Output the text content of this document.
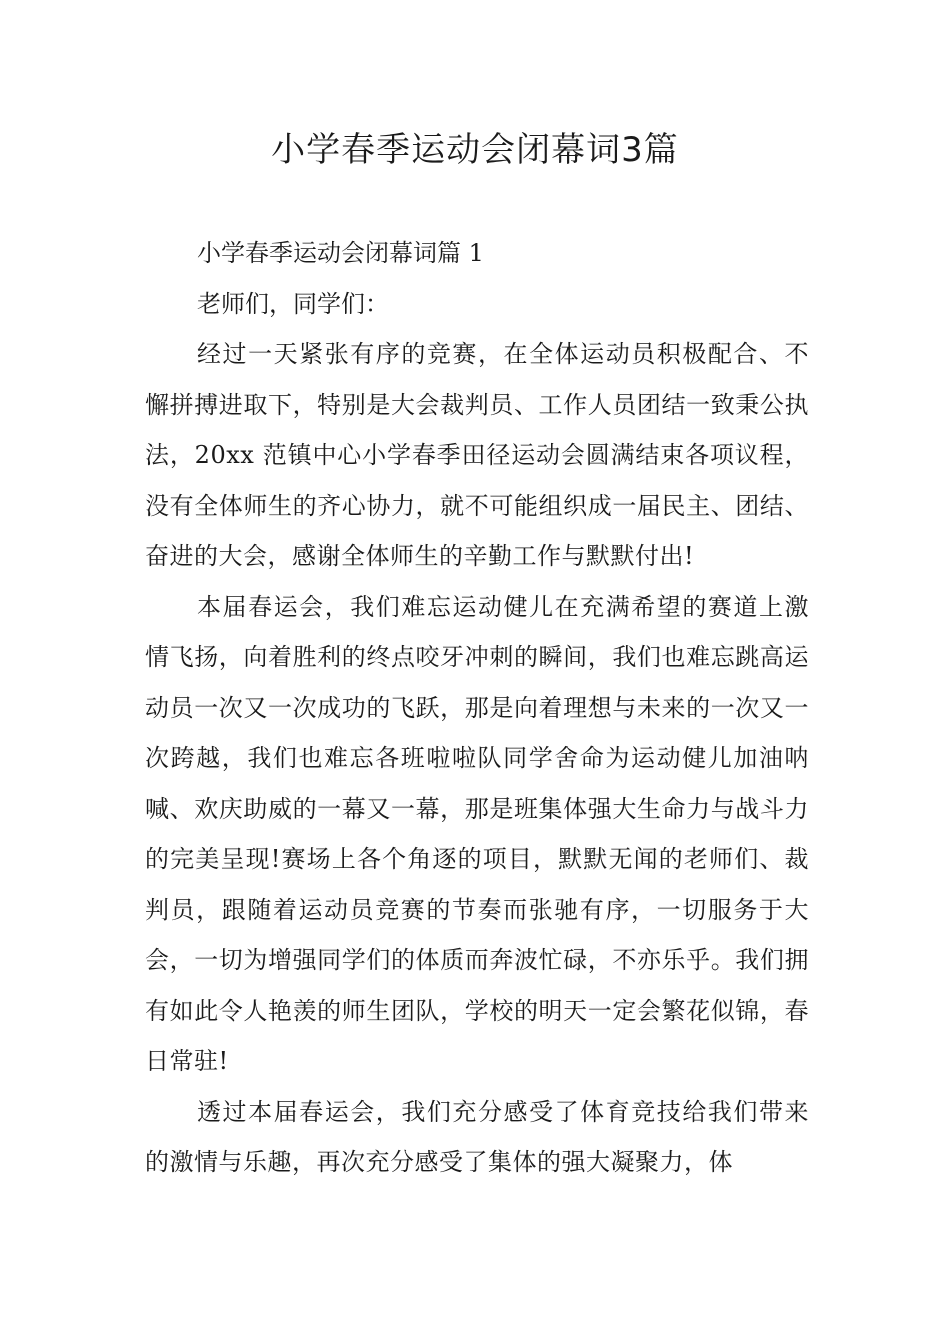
小学春季运动会闭幕词3篇

小学春季运动会闭幕词篇 1

老师们，同学们：

经过一天紧张有序的竞赛，在全体运动员积极配合、不懈拼搏进取下，特别是大会裁判员、工作人员团结一致秉公执法，20xx 范镇中心小学春季田径运动会圆满结束各项议程，没有全体师生的齐心协力，就不可能组织成一届民主、团结、奋进的大会，感谢全体师生的辛勤工作与默默付出!

本届春运会，我们难忘运动健儿在充满希望的赛道上激情飞扬，向着胜利的终点咬牙冲刺的瞬间，我们也难忘跳高运动员一次又一次成功的飞跃，那是向着理想与未来的一次又一次跨越，我们也难忘各班啦啦队同学舍命为运动健儿加油呐喊、欢庆助威的一幕又一幕，那是班集体强大生命力与战斗力的完美呈现!赛场上各个角逐的项目，默默无闻的老师们、裁判员，跟随着运动员竞赛的节奏而张驰有序，一切服务于大会，一切为增强同学们的体质而奔波忙碌，不亦乐乎。我们拥有如此令人艳羡的师生团队，学校的明天一定会繁花似锦，春日常驻!

透过本届春运会，我们充分感受了体育竞技给我们带来的激情与乐趣，再次充分感受了集体的强大凝聚力，体
